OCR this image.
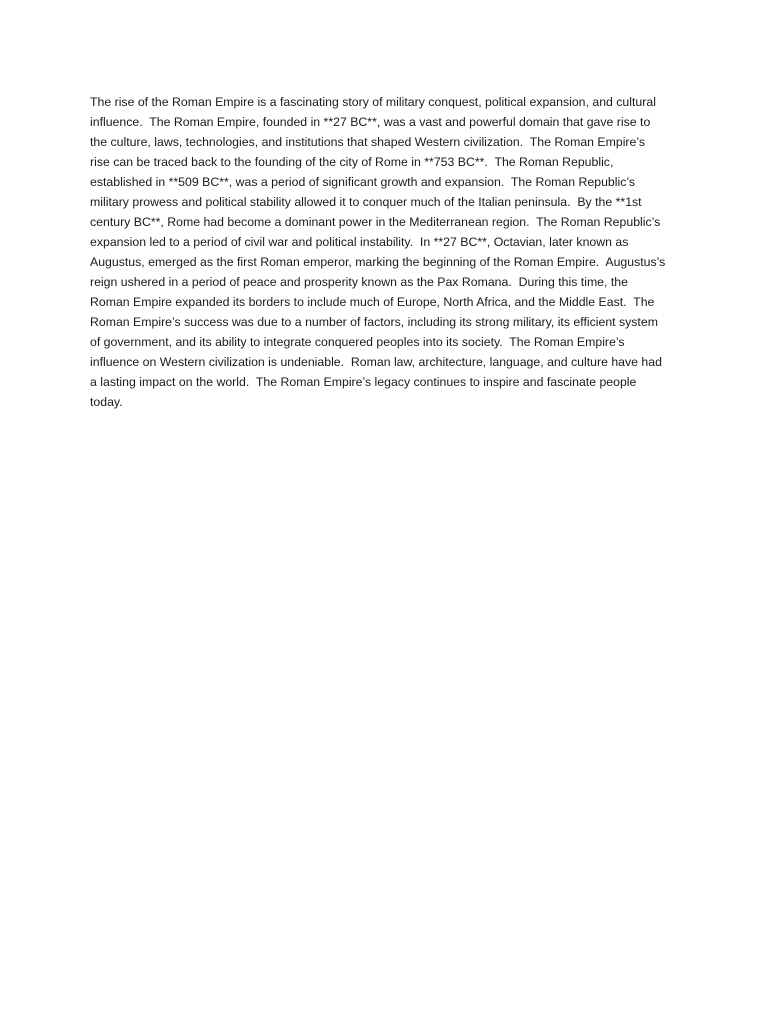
The rise of the Roman Empire is a fascinating story of military conquest, political expansion, and cultural
influence.  The Roman Empire, founded in **27 BC**, was a vast and powerful domain that gave rise to
the culture, laws, technologies, and institutions that shaped Western civilization.  The Roman Empire’s
rise can be traced back to the founding of the city of Rome in **753 BC**.  The Roman Republic,
established in **509 BC**, was a period of significant growth and expansion.  The Roman Republic’s
military prowess and political stability allowed it to conquer much of the Italian peninsula.  By the **1st
century BC**, Rome had become a dominant power in the Mediterranean region.  The Roman Republic’s
expansion led to a period of civil war and political instability.  In **27 BC**, Octavian, later known as
Augustus, emerged as the first Roman emperor, marking the beginning of the Roman Empire.  Augustus’s
reign ushered in a period of peace and prosperity known as the Pax Romana.  During this time, the
Roman Empire expanded its borders to include much of Europe, North Africa, and the Middle East.  The
Roman Empire’s success was due to a number of factors, including its strong military, its efficient system
of government, and its ability to integrate conquered peoples into its society.  The Roman Empire’s
influence on Western civilization is undeniable.  Roman law, architecture, language, and culture have had
a lasting impact on the world.  The Roman Empire’s legacy continues to inspire and fascinate people
today.
